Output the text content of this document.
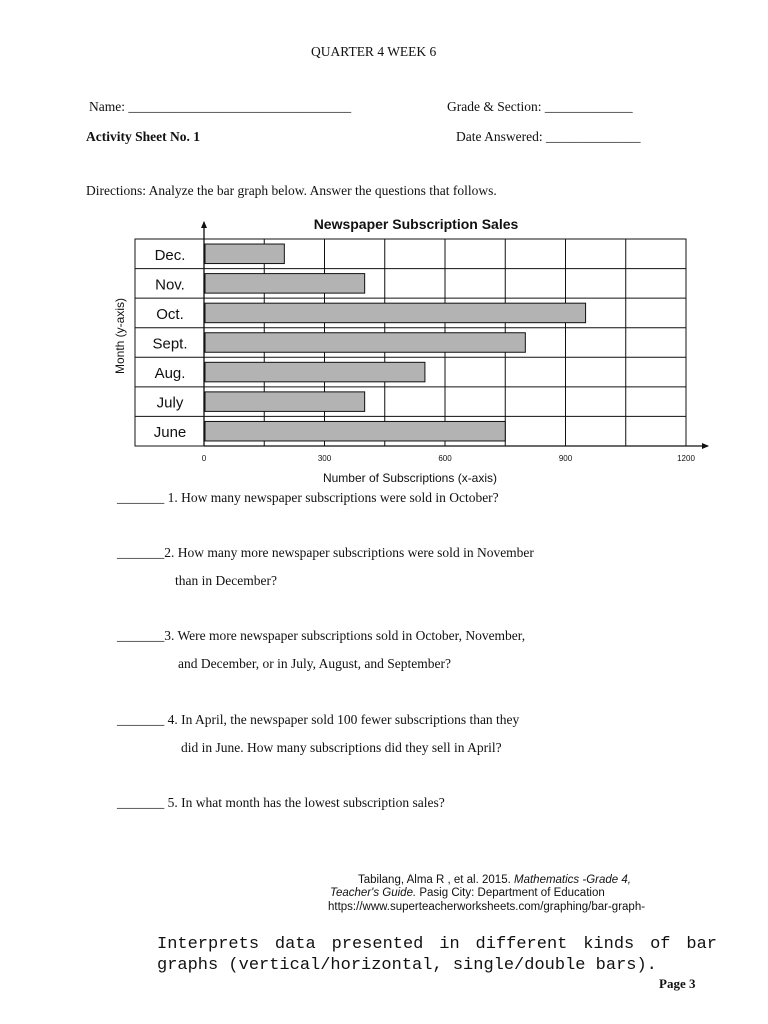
QUARTER 4 WEEK 6
Name: _________________________________	Grade & Section: _____________
Activity Sheet No. 1	Date Answered: ______________
Directions: Analyze the bar graph below. Answer the questions that follows.
Newspaper Subscription Sales
Dec.
Nov.
Oct.
Sept.
Aug.
July
June
0	300	600	900	1200
Number of Subscriptions (x-axis)
Month (y-axis)
_______ 1. How many newspaper subscriptions were sold in October?
_______2. How many more newspaper subscriptions were sold in November
than in December?
_______3. Were more newspaper subscriptions sold in October, November,
and December, or in July, August, and September?
_______ 4. In April, the newspaper sold 100 fewer subscriptions than they
did in June. How many subscriptions did they sell in April?
_______ 5. In what month has the lowest subscription sales?
Tabilang, Alma R , et al. 2015. Mathematics -Grade 4,
Teacher's Guide. Pasig City: Department of Education
https://www.superteacherworksheets.com/graphing/bar-graph-
Interprets data presented in different kinds of bar graphs (vertical/horizontal, single/double bars).
Page 3
